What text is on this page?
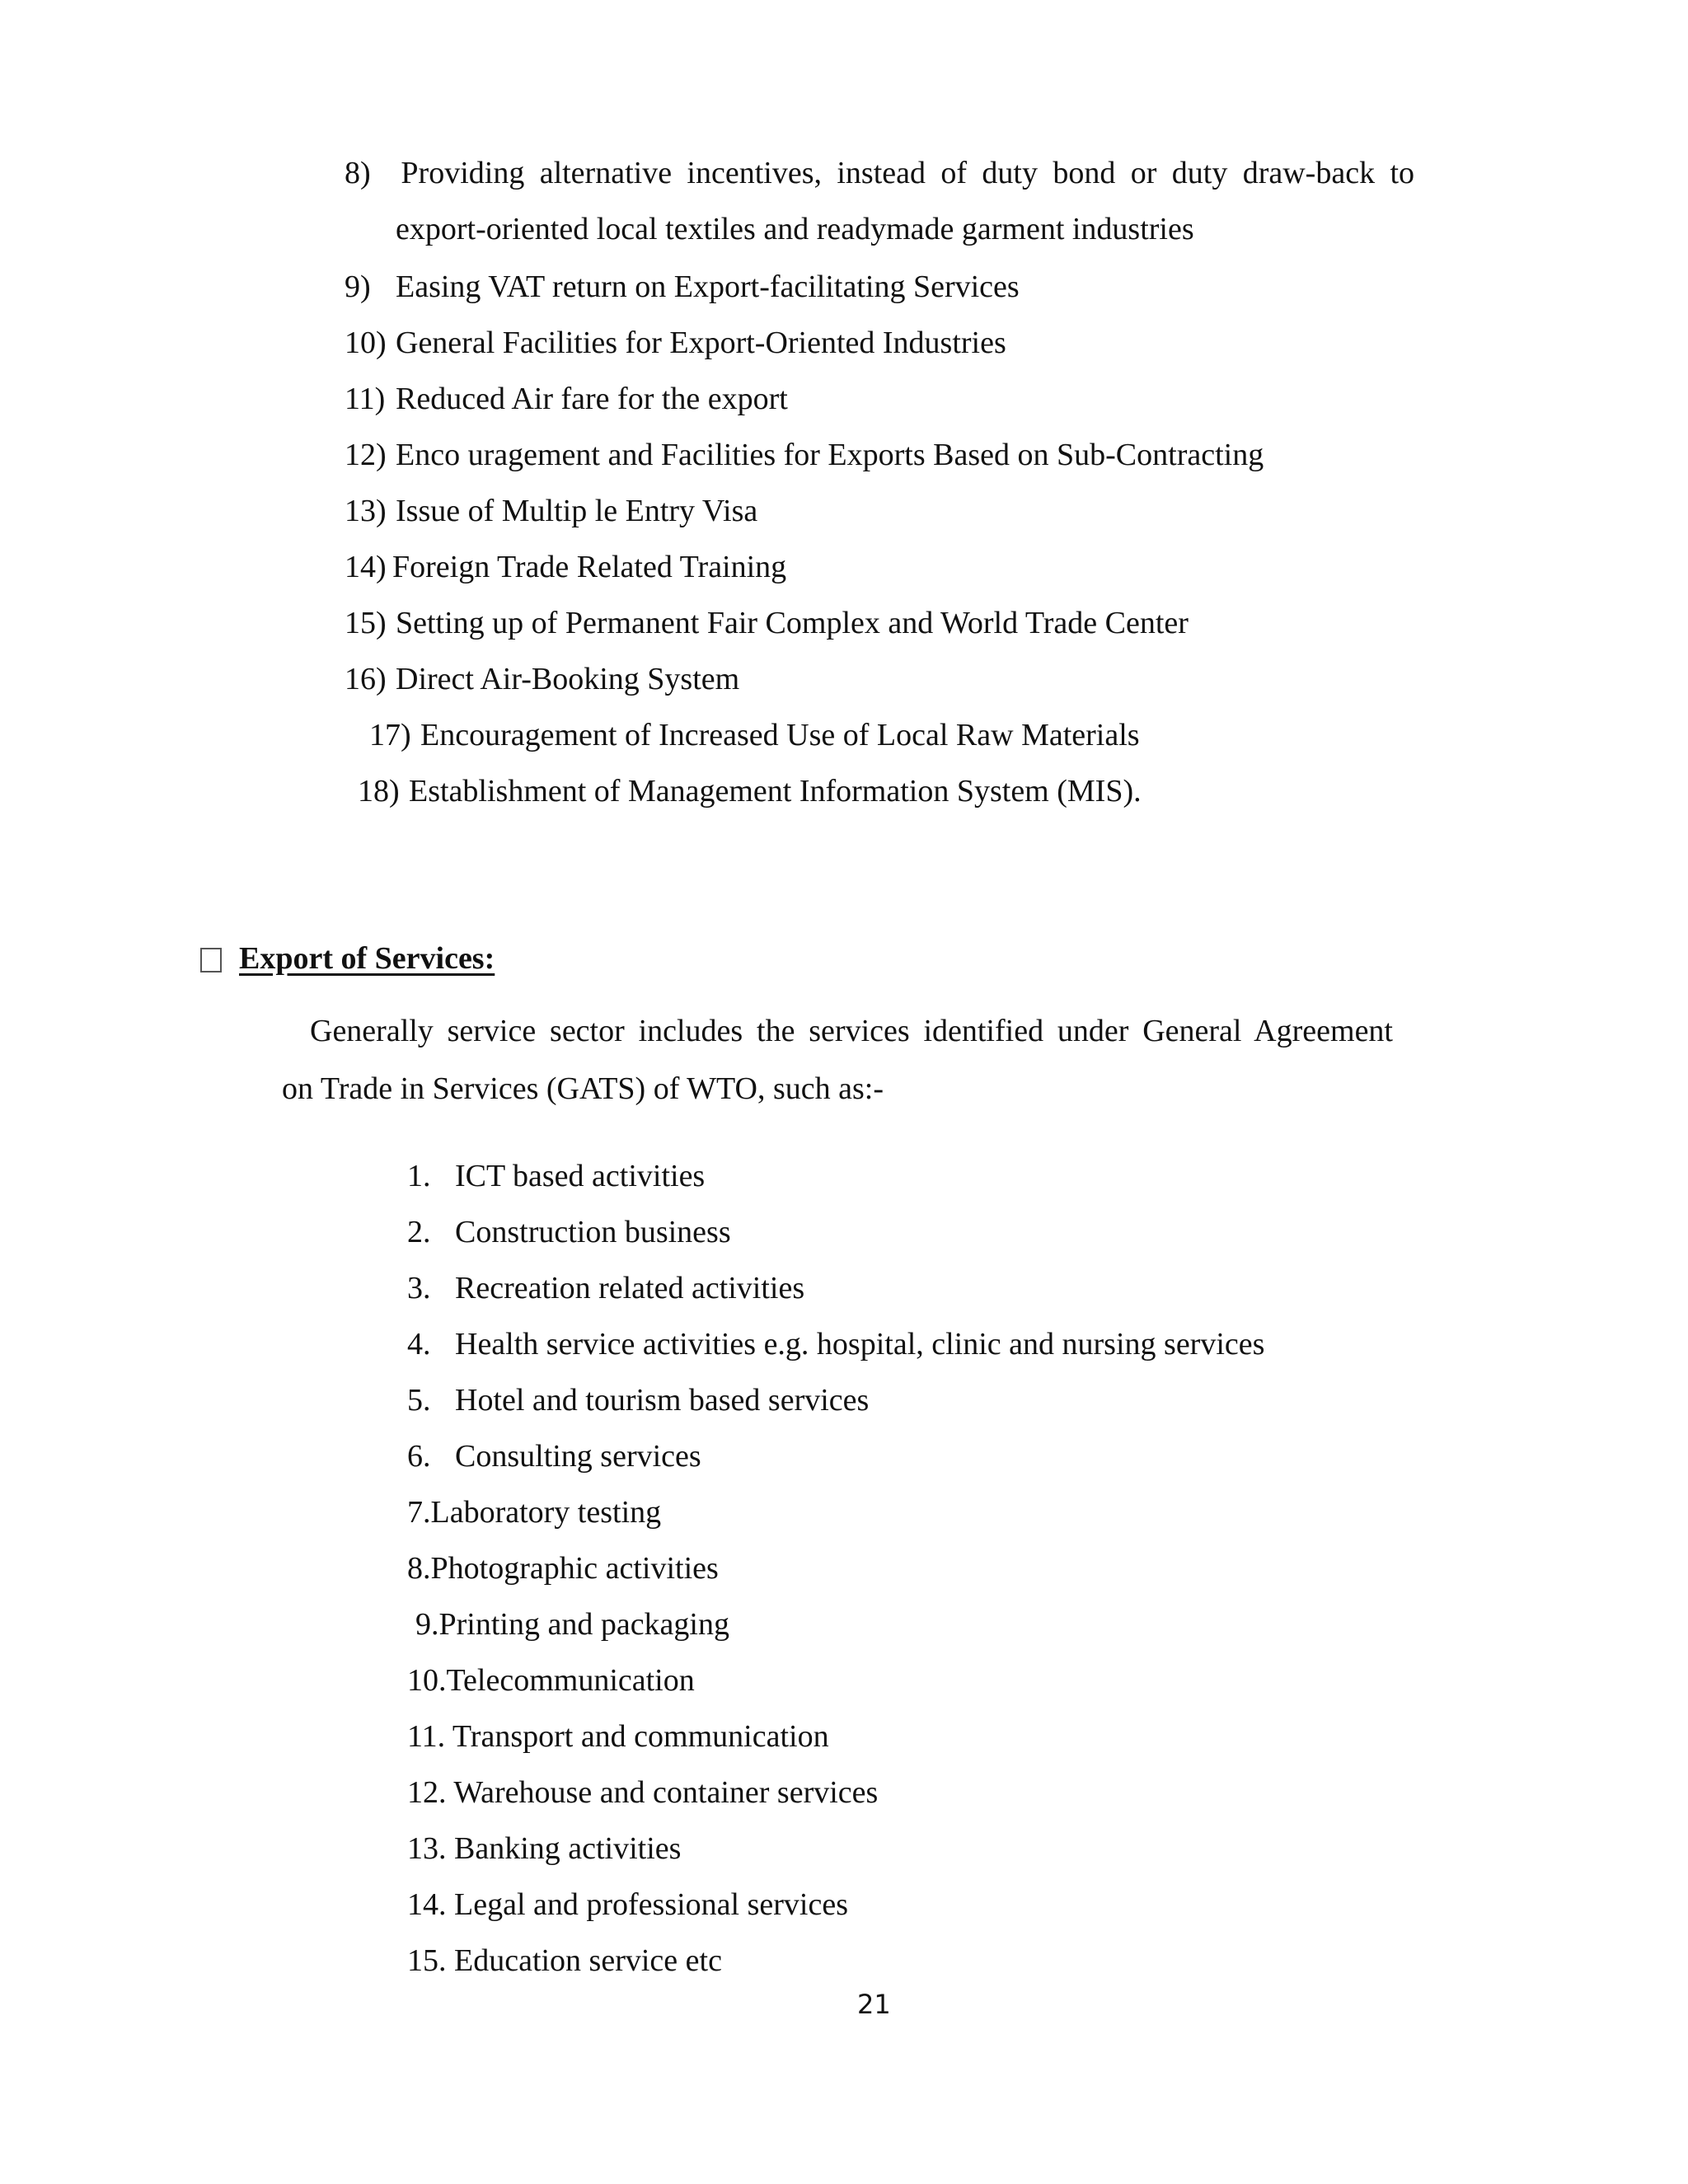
8) Providing alternative incentives, instead of duty bond or duty draw-back to
export-oriented local textiles and readymade garment industries
9) Easing VAT return on Export-facilitating Services
10) General Facilities for Export-Oriented Industries
11) Reduced Air fare for the export
12) Enco uragement and Facilities for Exports Based on Sub-Contracting
13) Issue of Multip le Entry Visa
14) Foreign Trade Related Training
15) Setting up of Permanent Fair Complex and World Trade Center
16) Direct Air-Booking System
17) Encouragement of Increased Use of Local Raw Materials
18) Establishment of Management Information System (MIS).
Export of Services:
Generally service sector includes the services identified under General Agreement
on Trade in Services (GATS) of WTO, such as:-
1. ICT based activities
2. Construction business
3. Recreation related activities
4. Health service activities e.g. hospital, clinic and nursing services
5. Hotel and tourism based services
6. Consulting services
7.Laboratory testing
8.Photographic activities
9.Printing and packaging
10.Telecommunication
11. Transport and communication
12. Warehouse and container services
13. Banking activities
14. Legal and professional services
15. Education service etc
21
